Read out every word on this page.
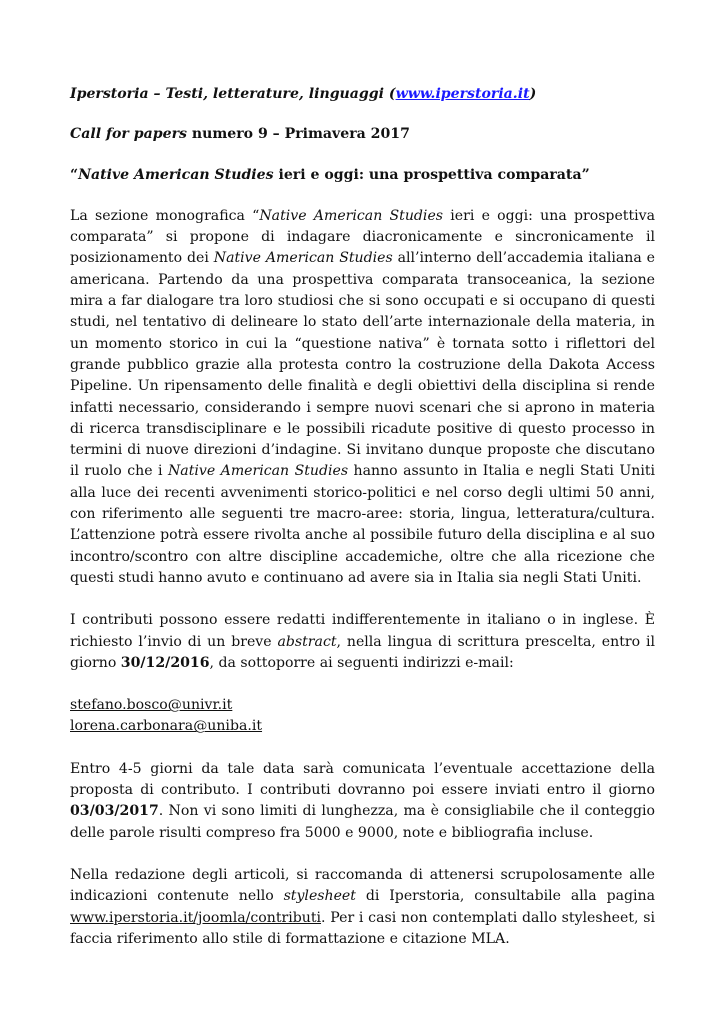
Iperstoria – Testi, letterature, linguaggi (www.iperstoria.it)

Call for papers numero 9 – Primavera 2017

“Native American Studies ieri e oggi: una prospettiva comparata”

La sezione monografica “Native American Studies ieri e oggi: una prospettiva comparata” si propone di indagare diacronicamente e sincronicamente il posizionamento dei Native American Studies all’interno dell’accademia italiana e americana. Partendo da una prospettiva comparata transoceanica, la sezione mira a far dialogare tra loro studiosi che si sono occupati e si occupano di questi studi, nel tentativo di delineare lo stato dell’arte internazionale della materia, in un momento storico in cui la “questione nativa” è tornata sotto i riflettori del grande pubblico grazie alla protesta contro la costruzione della Dakota Access Pipeline. Un ripensamento delle finalità e degli obiettivi della disciplina si rende infatti necessario, considerando i sempre nuovi scenari che si aprono in materia di ricerca transdisciplinare e le possibili ricadute positive di questo processo in termini di nuove direzioni d’indagine. Si invitano dunque proposte che discutano il ruolo che i Native American Studies hanno assunto in Italia e negli Stati Uniti alla luce dei recenti avvenimenti storico-politici e nel corso degli ultimi 50 anni, con riferimento alle seguenti tre macro-aree: storia, lingua, letteratura/cultura. L’attenzione potrà essere rivolta anche al possibile futuro della disciplina e al suo incontro/scontro con altre discipline accademiche, oltre che alla ricezione che questi studi hanno avuto e continuano ad avere sia in Italia sia negli Stati Uniti.

I contributi possono essere redatti indifferentemente in italiano o in inglese. È richiesto l’invio di un breve abstract, nella lingua di scrittura prescelta, entro il giorno 30/12/2016, da sottoporre ai seguenti indirizzi e-mail:

stefano.bosco@univr.it
lorena.carbonara@uniba.it

Entro 4-5 giorni da tale data sarà comunicata l’eventuale accettazione della proposta di contributo. I contributi dovranno poi essere inviati entro il giorno 03/03/2017. Non vi sono limiti di lunghezza, ma è consigliabile che il conteggio delle parole risulti compreso fra 5000 e 9000, note e bibliografia incluse.

Nella redazione degli articoli, si raccomanda di attenersi scrupolosamente alle indicazioni contenute nello stylesheet di Iperstoria, consultabile alla pagina www.iperstoria.it/joomla/contributi. Per i casi non contemplati dallo stylesheet, si faccia riferimento allo stile di formattazione e citazione MLA.
